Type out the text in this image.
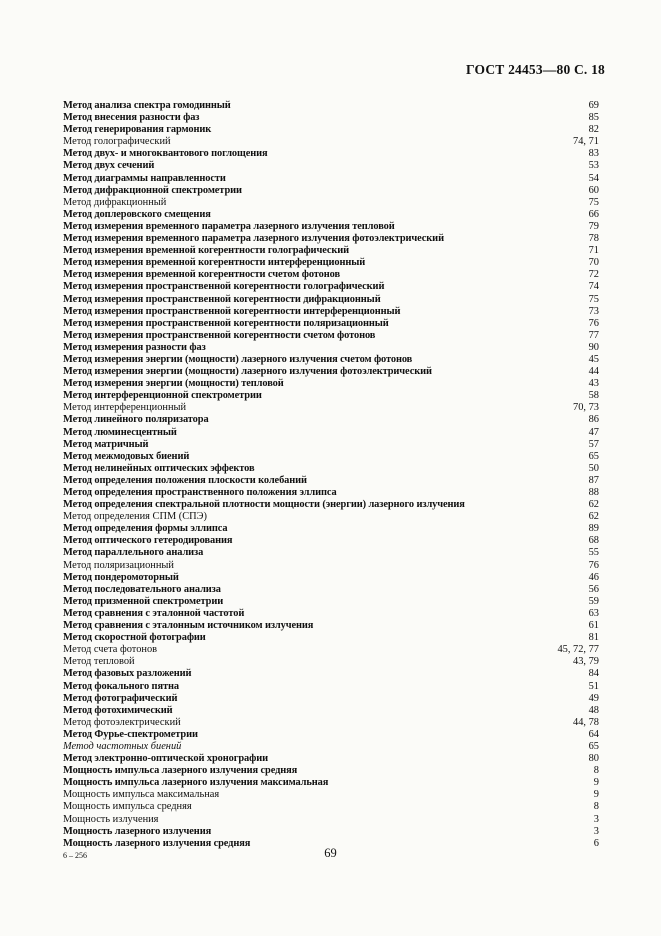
ГОСТ 24453—80 С. 18
Метод анализа спектра гомодинный	69
Метод внесения разности фаз	85
Метод генерирования гармоник	82
Метод голографический	74, 71
Метод двух- и многоквантового поглощения	83
Метод двух сечений	53
Метод диаграммы направленности	54
Метод дифракционной спектрометрии	60
Метод дифракционный	75
Метод доплеровского смещения	66
Метод измерения временного параметра лазерного излучения тепловой	79
Метод измерения временного параметра лазерного излучения фотоэлектрический	78
Метод измерения временной когерентности голографический	71
Метод измерения временной когерентности интерференционный	70
Метод измерения временной когерентности счетом фотонов	72
Метод измерения пространственной когерентности голографический	74
Метод измерения пространственной когерентности дифракционный	75
Метод измерения пространственной когерентности интерференционный	73
Метод измерения пространственной когерентности поляризационный	76
Метод измерения пространственной когерентности счетом фотонов	77
Метод измерения разности фаз	90
Метод измерения энергии (мощности) лазерного излучения счетом фотонов	45
Метод измерения энергии (мощности) лазерного излучения фотоэлектрический	44
Метод измерения энергии (мощности) тепловой	43
Метод интерференционной спектрометрии	58
Метод интерференционный	70, 73
Метод линейного поляризатора	86
Метод люминесцентный	47
Метод матричный	57
Метод межмодовых биений	65
Метод нелинейных оптических эффектов	50
Метод определения положения плоскости колебаний	87
Метод определения пространственного положения эллипса	88
Метод определения спектральной плотности мощности (энергии) лазерного излучения	62
Метод определения СПМ (СПЭ)	62
Метод определения формы эллипса	89
Метод оптического гетеродирования	68
Метод параллельного анализа	55
Метод поляризационный	76
Метод пондеромоторный	46
Метод последовательного анализа	56
Метод призменной спектрометрии	59
Метод сравнения с эталонной частотой	63
Метод сравнения с эталонным источником излучения	61
Метод скоростной фотографии	81
Метод счета фотонов	45, 72, 77
Метод тепловой	43, 79
Метод фазовых разложений	84
Метод фокального пятна	51
Метод фотографический	49
Метод фотохимический	48
Метод фотоэлектрический	44, 78
Метод Фурье-спектрометрии	64
Метод частотных биений	65
Метод электронно-оптической хронографии	80
Мощность импульса лазерного излучения средняя	8
Мощность импульса лазерного излучения максимальная	9
Мощность импульса максимальная	9
Мощность импульса средняя	8
Мощность излучения	3
Мощность лазерного излучения	3
Мощность лазерного излучения средняя	6
6 – 256	69
